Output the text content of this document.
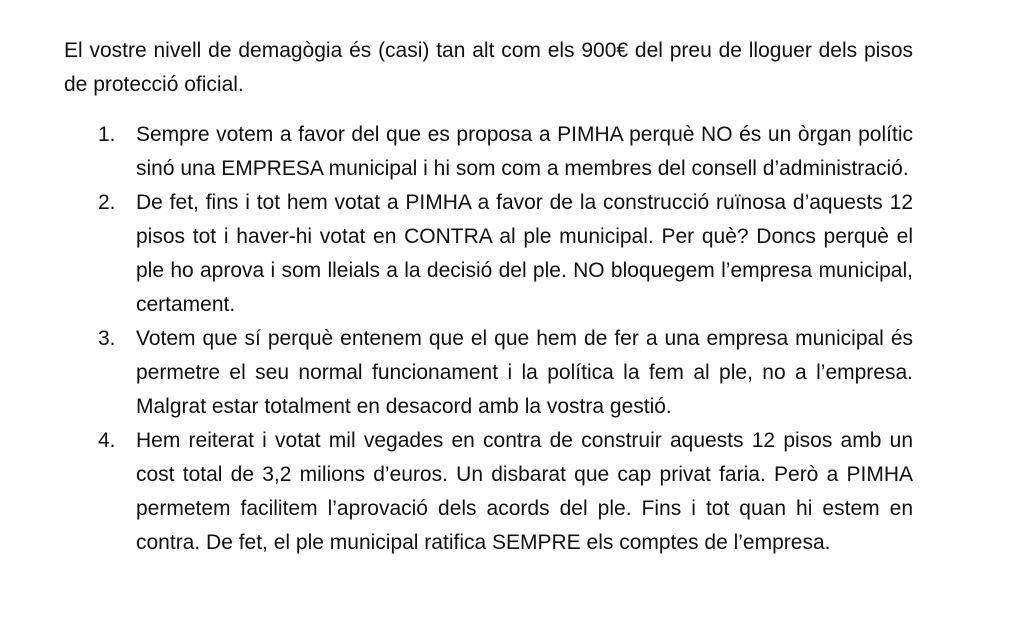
El vostre nivell de demagògia és (casi) tan alt com els 900€ del preu de lloguer dels pisos de protecció oficial.

1. Sempre votem a favor del que es proposa a PIMHA perquè NO és un òrgan polític sinó una EMPRESA municipal i hi som com a membres del consell d’administració.
2. De fet, fins i tot hem votat a PIMHA a favor de la construcció ruïnosa d’aquests 12 pisos tot i haver-hi votat en CONTRA al ple municipal. Per què? Doncs perquè el ple ho aprova i som lleials a la decisió del ple. NO bloquegem l’empresa municipal, certament.
3. Votem que sí perquè entenem que el que hem de fer a una empresa municipal és permetre el seu normal funcionament i la política la fem al ple, no a l’empresa. Malgrat estar totalment en desacord amb la vostra gestió.
4. Hem reiterat i votat mil vegades en contra de construir aquests 12 pisos amb un cost total de 3,2 milions d’euros. Un disbarat que cap privat faria. Però a PIMHA permetem facilitem l’aprovació dels acords del ple. Fins i tot quan hi estem en contra. De fet, el ple municipal ratifica SEMPRE els comptes de l’empresa.
